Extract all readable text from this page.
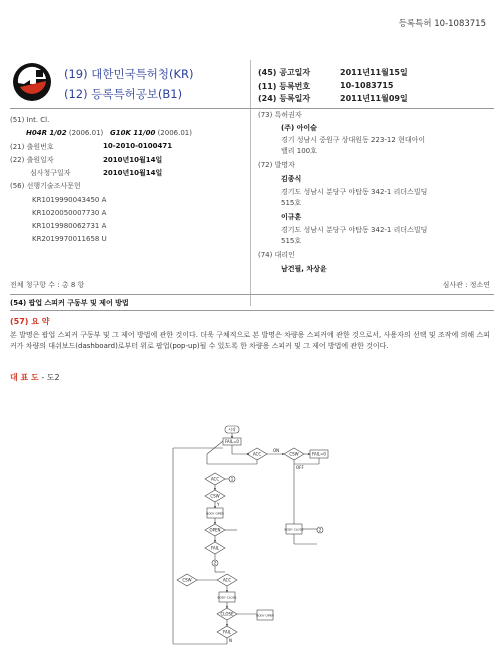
등록특허 10-1083715
(19) 대한민국특허청(KR)
(12) 등록특허공보(B1)
(45) 공고일자	2011년11월15일
(11) 등록번호	10-1083715
(24) 등록일자	2011년11월09일
(51) Int. Cl.
H04R 1/02 (2006.01) G10K 11/00 (2006.01)
(21) 출원번호	10-2010-0100471
(22) 출원일자	2010년10월14일
심사청구일자	2010년10월14일
(56) 선행기술조사문헌
KR1019990043450 A
KR1020050007730 A
KR1019980062731 A
KR2019970011658 U
(73) 특허권자
(주) 아이슬
경기 성남시 중원구 상대원동 223-12 현대아이
밸리 100호
(72) 발명자
김종식
경기도 성남시 분당구 야탑동 342-1 리더스빌딩
515호
이규훈
경기도 성남시 분당구 야탑동 342-1 리더스빌딩
515호
(74) 대리인
남건필, 차상윤
전체 청구항 수 : 총 8 항	심사관 : 정소연
(54) 팝업 스피커 구동부 및 제어 방법
(57) 요 약
본 발명은 팝업 스피커 구동부 및 그 제어 방법에 관한 것이다. 더욱 구체적으로 본 발명은 차량용 스피커에 관한 것으로서, 사용자의 선택 및 조작에 의해 스피커가 차량의 대쉬보드(dashboard)로부터 위로 팝업(pop-up)될 수 있도록 한 차량용 스피커 및 그 제어 방법에 관한 것이다.
대 표 도 - 도2
시작
FAIL=0
ACC
ON
CSW	FAIL=0
OFF
ACC	1
CSW
Y
BODY OPEN
OPEN
FAIL
2
BODY CLOSE	2
CSW	ACC
BODY CLOSE
CLOSE	BODY OPEN
FAIL
N
